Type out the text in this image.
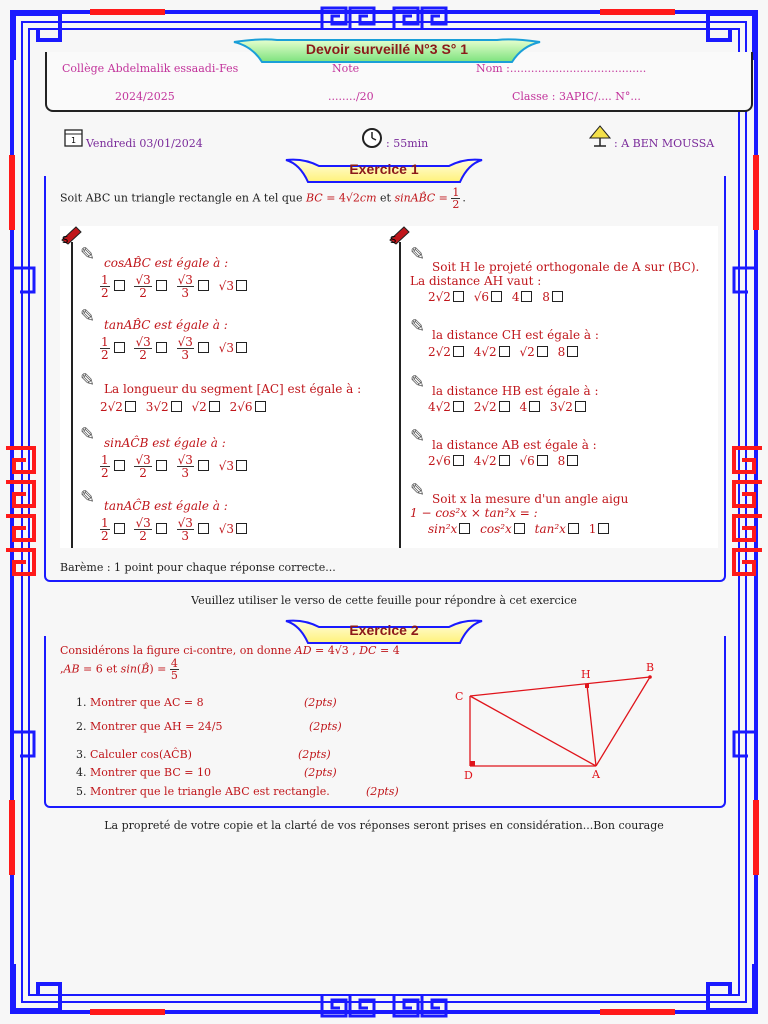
Devoir surveillé N°3 S° 1
Collège Abdelmalik essaadi-Fes	Note	Nom :.......................................
2024/2025	......../20	Classe : 3APIC/.... N°...
1 Vendredi 03/01/2024	: 55min	: A BEN MOUSSA
Exercice 1
Soit ABC un triangle rectangle en A tel que BC = 4√2cm et sinAB̂C = $\frac{1}{2}$ .
S	S
✎ cosAB̂C est égale à :
$\frac{1}{2}$
$\frac{√3}{2}$
$\frac{√3}{3} √3$
✎ tanAB̂C est égale à :
$\frac{1}{2}$
$\frac{√3}{2}$
$\frac{√3}{3} √3$
✎ La longueur du segment [AC] est égale à :
2√2 3√2 √2 2√6
✎ sinAĈB est égale à :
$\frac{1}{2}$
$\frac{√3}{2}$
$\frac{√3}{3} √3$
✎ tanAĈB est égale à :
$\frac{1}{2}$
$\frac{√3}{2}$
$\frac{√3}{3} √3$
✎
Soit H le projeté orthogonale de A sur (BC).
La distance AH vaut :
2√2 √6 4 8
✎ la distance CH est égale à :
2√2 4√2 √2 8
✎ la distance HB est égale à :
4√2 2√2 4 3√2
✎ la distance AB est égale à :
2√6 4√2 √6 8
✎ Soit x la mesure d'un angle aigu
1 − cos²x × tan²x = :
sin²x cos²x tan²x 1
Barème : 1 point pour chaque réponse correcte...
Veuillez utiliser le verso de cette feuille pour répondre à cet exercice
Exercice 2
Considérons la figure ci-contre, on donne AD = 4√3 , DC = 4
,AB = 6 et sin(B̂) = $\frac{4}{5}$
1. Montrer que AC = 8	(2pts)
2. Montrer que AH = 24/5	(2pts)
3. Calculer cos(AĈB)	(2pts)
4. Montrer que BC = 10	(2pts)
5. Montrer que le triangle ABC est rectangle.	(2pts)
C
D	A
H
B
La propreté de votre copie et la clarté de vos réponses seront prises en considération...Bon courage
